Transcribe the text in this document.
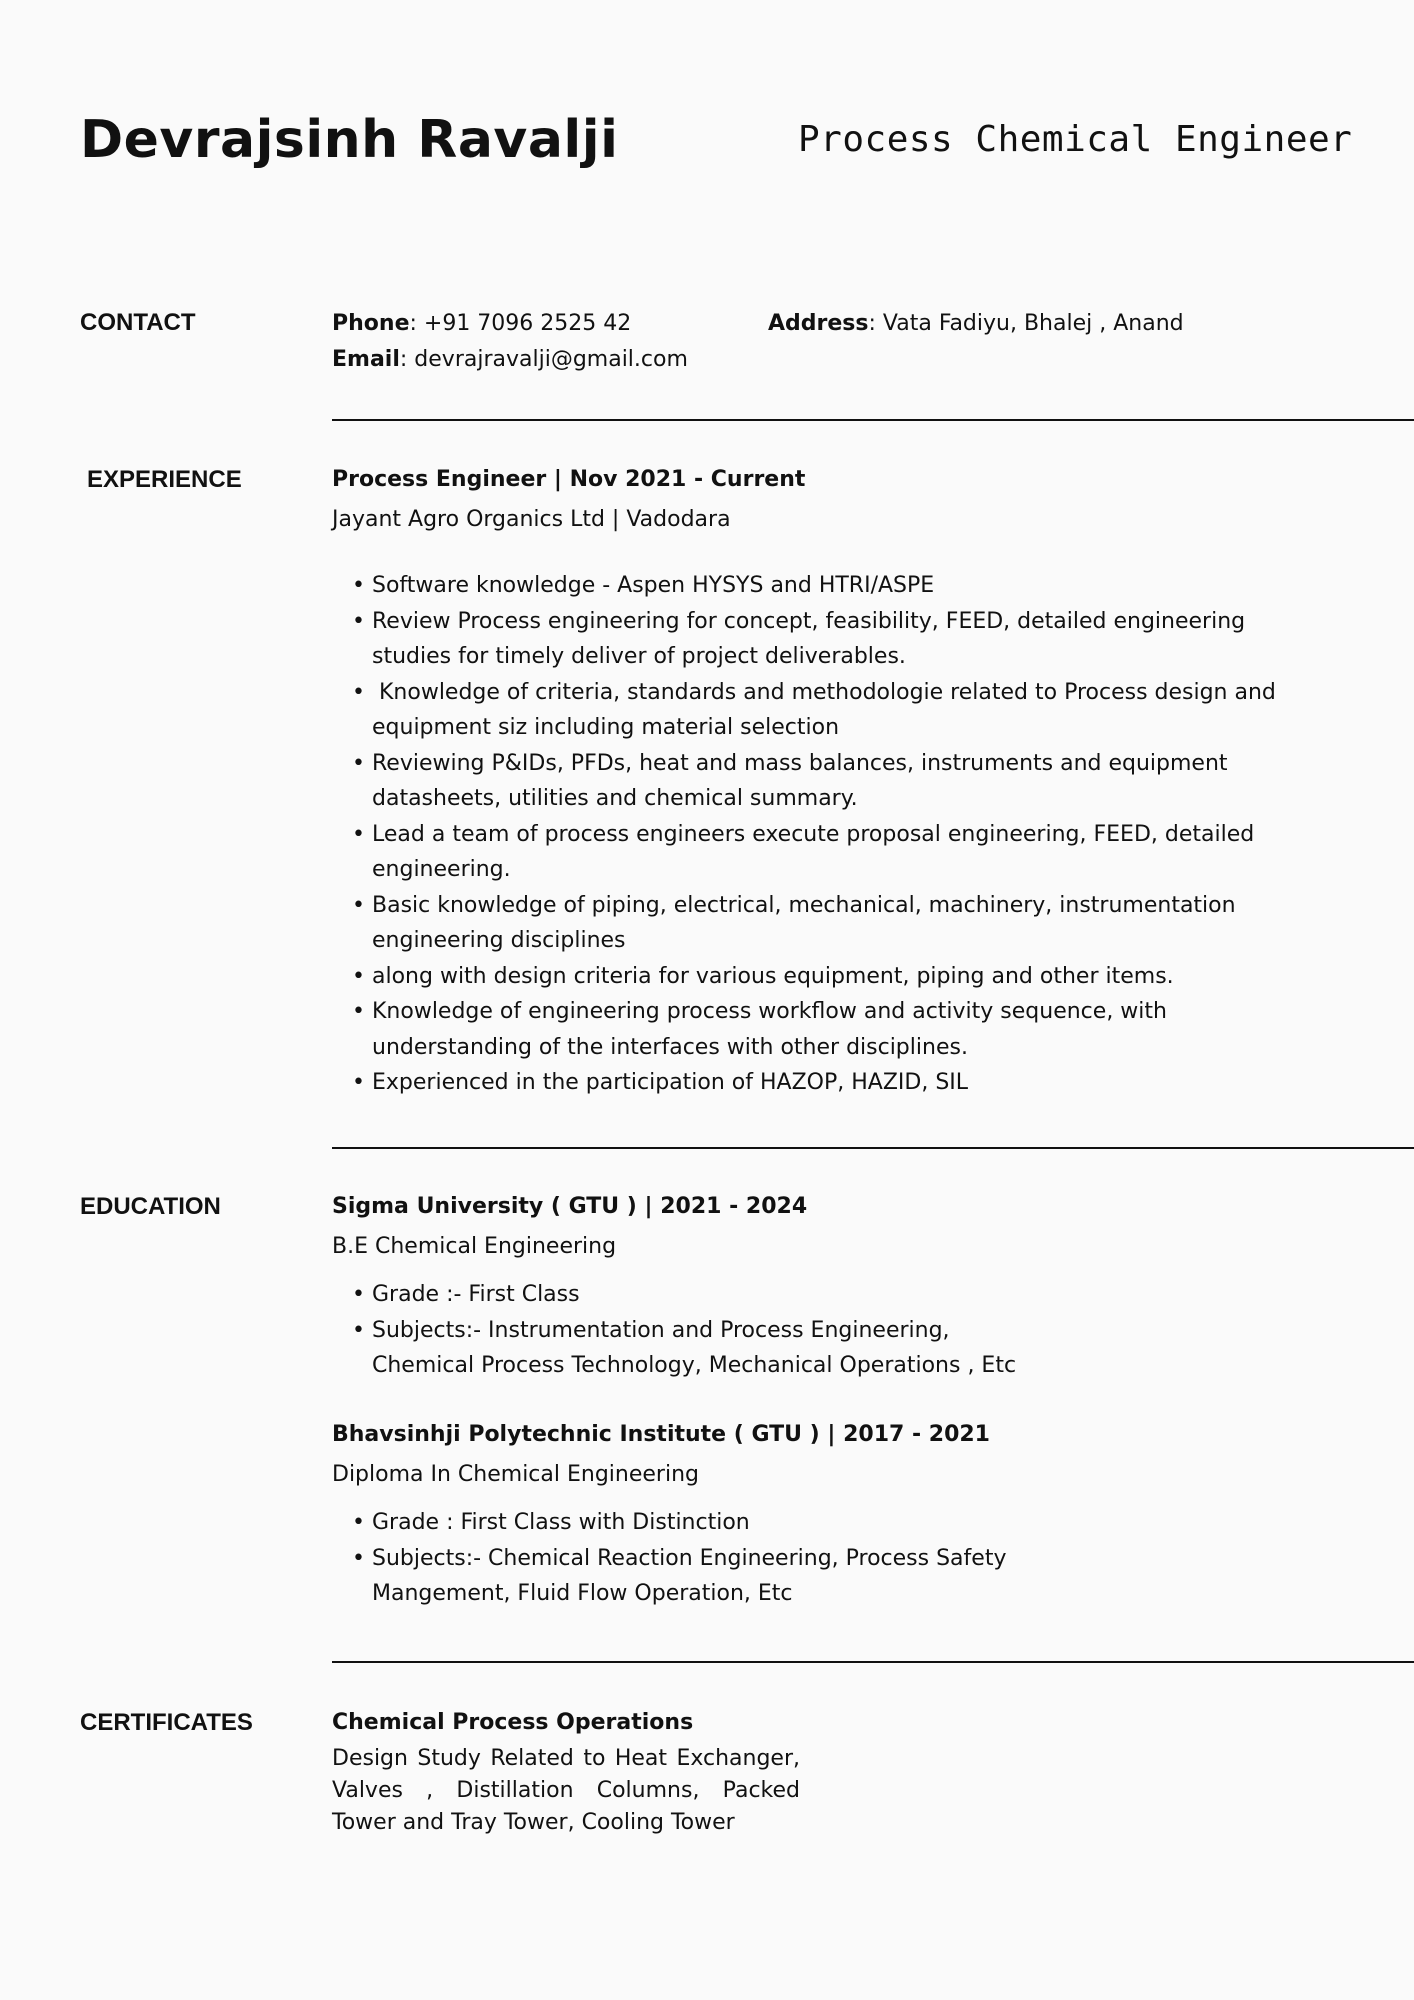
Devrajsinh Ravalji	Process Chemical Engineer
CONTACT	Phone: +91 7096 2525 42
Email: devrajravalji@gmail.com
Address: Vata Fadiyu, Bhalej , Anand
EXPERIENCE	Process Engineer | Nov 2021 - Current
Jayant Agro Organics Ltd | Vadodara
• Software knowledge - Aspen HYSYS and HTRI/ASPE
• Review Process engineering for concept, feasibility, FEED, detailed engineering studies for timely deliver of project deliverables.
• Knowledge of criteria, standards and methodologie related to Process design and equipment siz including material selection
• Reviewing P&IDs, PFDs, heat and mass balances, instruments and equipment datasheets, utilities and chemical summary.
• Lead a team of process engineers execute proposal engineering, FEED, detailed engineering.
• Basic knowledge of piping, electrical, mechanical, machinery, instrumentation engineering disciplines
• along with design criteria for various equipment, piping and other items.
• Knowledge of engineering process workflow and activity sequence, with understanding of the interfaces with other disciplines.
• Experienced in the participation of HAZOP, HAZID, SIL
EDUCATION	Sigma University ( GTU ) | 2021 - 2024
B.E Chemical Engineering
• Grade :- First Class
• Subjects:- Instrumentation and Process Engineering, Chemical Process Technology, Mechanical Operations , Etc
Bhavsinhji Polytechnic Institute ( GTU ) | 2017 - 2021
Diploma In Chemical Engineering
• Grade : First Class with Distinction
• Subjects:- Chemical Reaction Engineering, Process Safety Mangement, Fluid Flow Operation, Etc
CERTIFICATES	Chemical Process Operations
Design Study Related to Heat Exchanger, Valves , Distillation Columns, Packed Tower and Tray Tower, Cooling Tower
